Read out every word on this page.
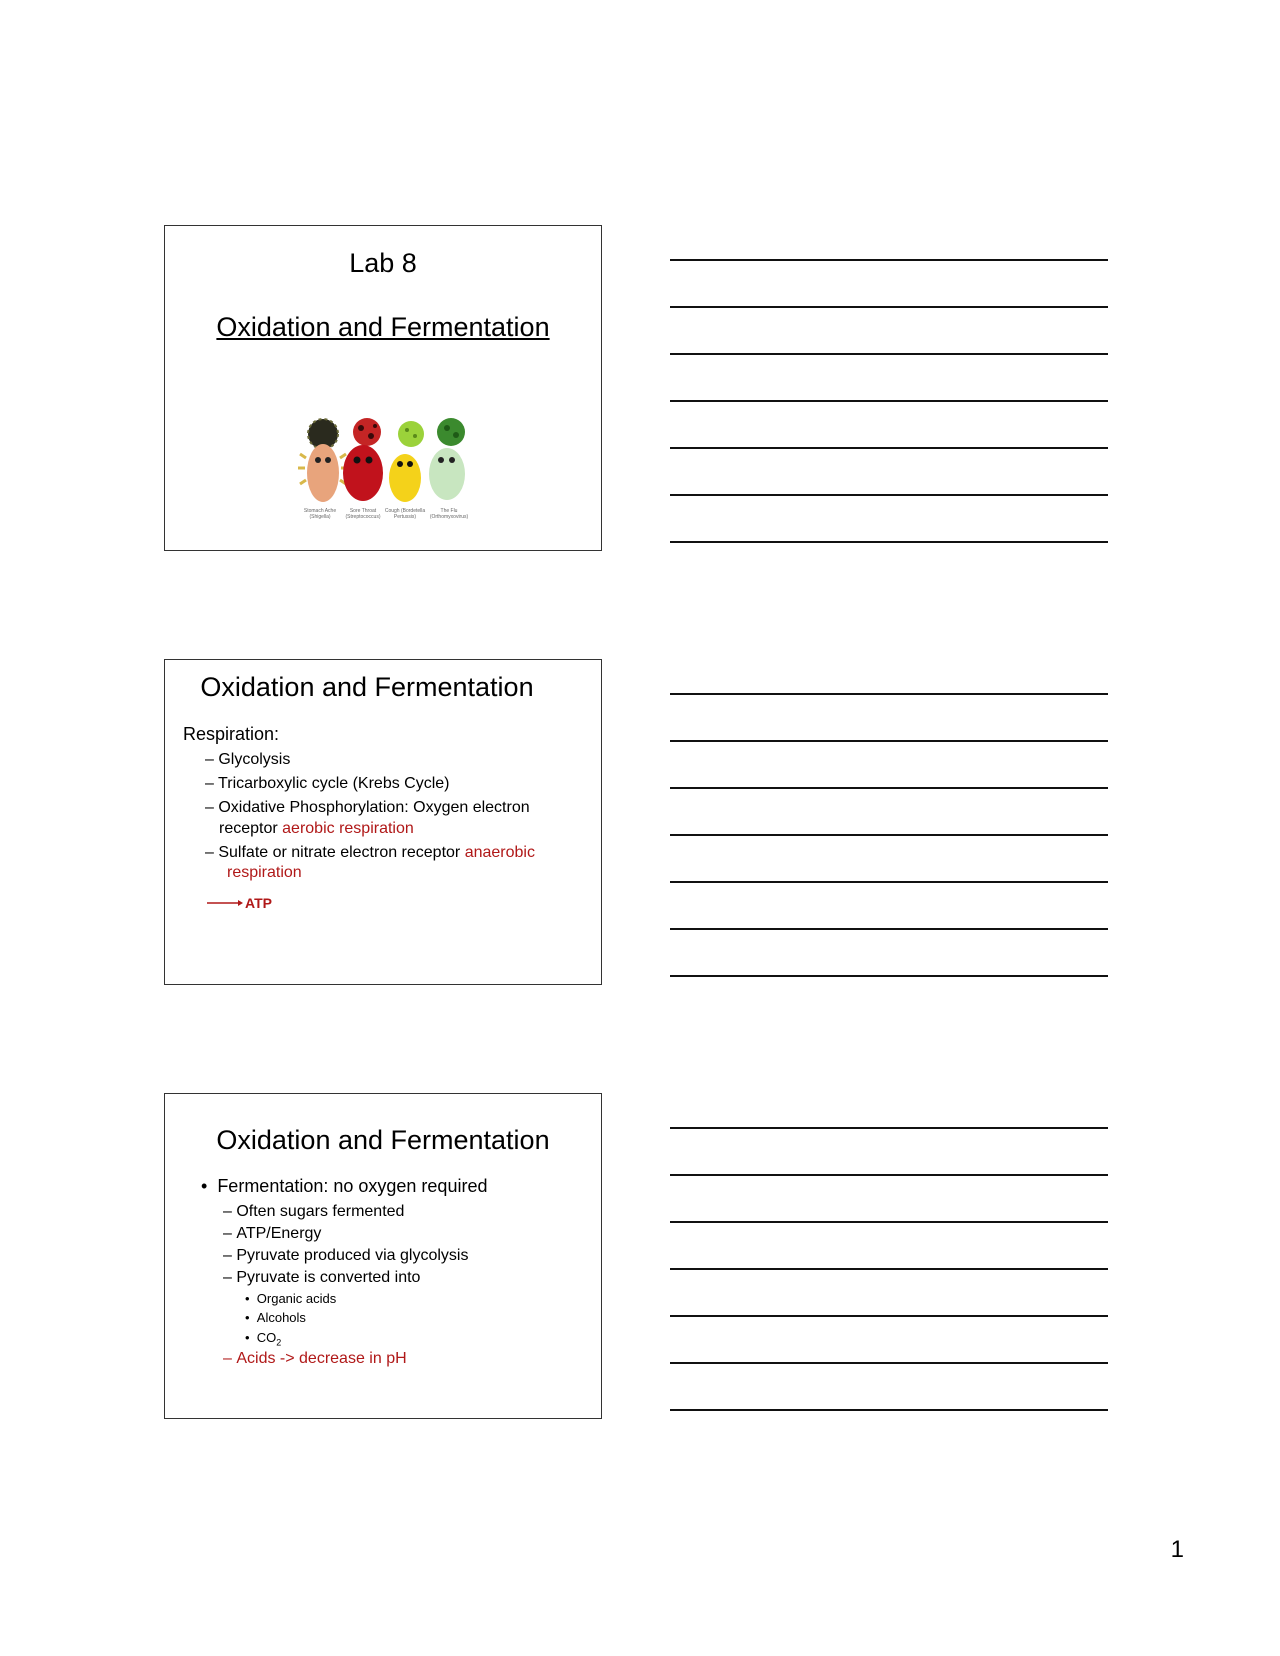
Lab 8
Oxidation and Fermentation
Stomach Ache (Shigella)
Sore Throat (Streptococcus)
Cough (Bordetella Pertussis)
The Flu (Orthomyxovirus)
Oxidation and Fermentation
Respiration:
– Glycolysis
– Tricarboxylic cycle (Krebs Cycle)
– Oxidative Phosphorylation: Oxygen electron
receptor aerobic respiration
– Sulfate or nitrate electron receptor anaerobic
respiration
ATP
Oxidation and Fermentation
•  Fermentation: no oxygen required
– Often sugars fermented
– ATP/Energy
– Pyruvate produced via glycolysis
– Pyruvate is converted into
•  Organic acids
•  Alcohols
•  $CO_2$
– Acids -> decrease in pH
1
